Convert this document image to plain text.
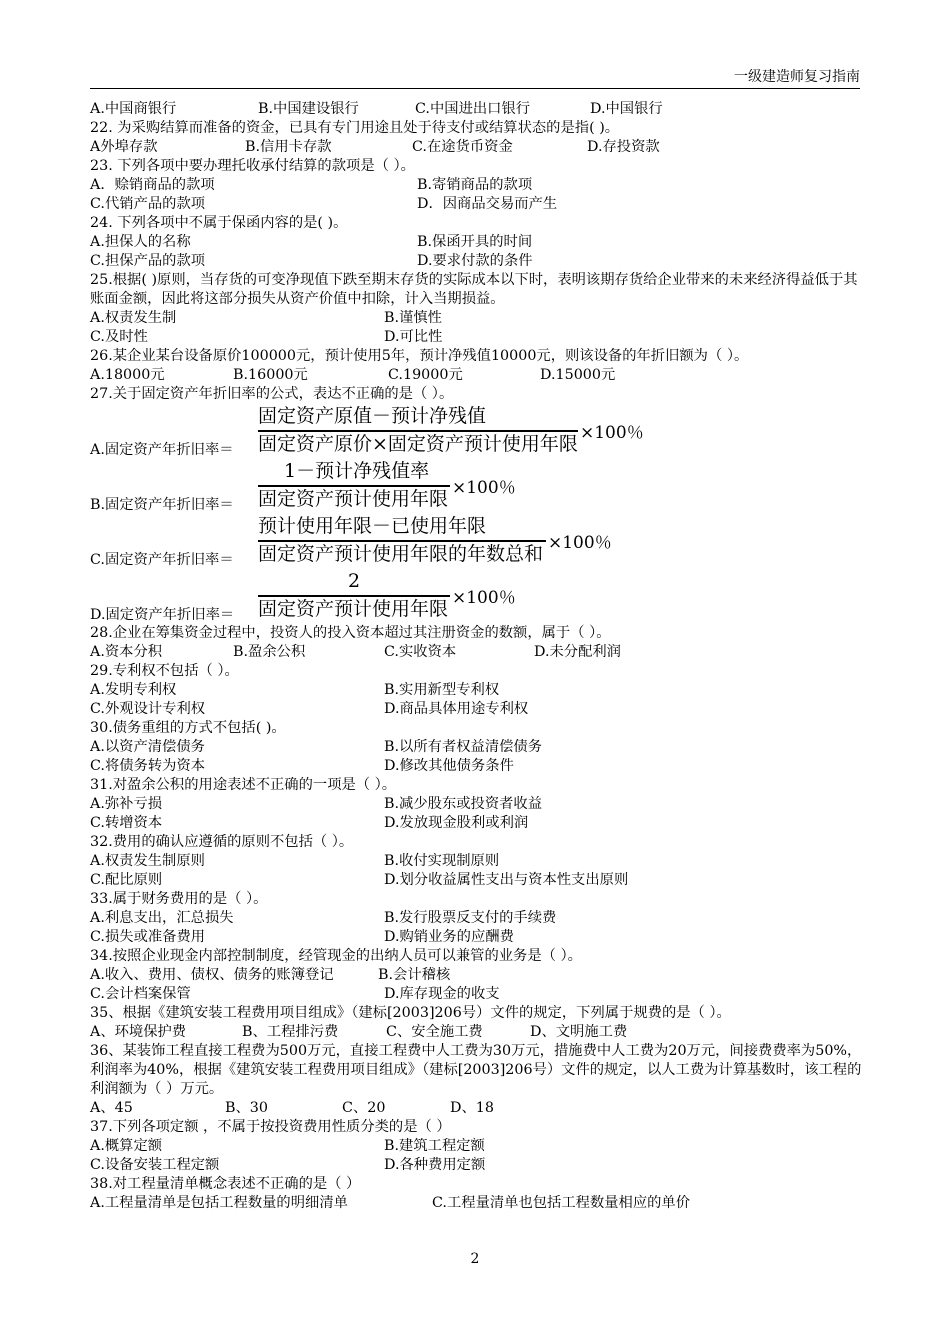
一级建造师复习指南
A.中国商银行	B.中国建设银行	C.中国进出口银行	D.中国银行
22. 为采购结算而准备的资金，已具有专门用途且处于待支付或结算状态的是指( )。
A外埠存款	B.信用卡存款	C.在途货币资金	D.存投资款
23. 下列各项中要办理托收承付结算的款项是（ ）。
A．赊销商品的款项	B.寄销商品的款项
C.代销产品的款项	D．因商品交易而产生
24. 下列各项中不属于保函内容的是( )。
A.担保人的名称	B.保函开具的时间
C.担保产品的款项	D.要求付款的条件
25.根据( )原则，当存货的可变净现值下跌至期末存货的实际成本以下时，表明该期存货给企业带来的未来经济得益低于其账面金额，因此将这部分损失从资产价值中扣除，计入当期损益。
A.权责发生制	B.谨慎性
C.及时性	D.可比性
26.某企业某台设备原价100000元，预计使用5年，预计净残值10000元，则该设备的年折旧额为（ ）。
A.18000元	B.16000元	C.19000元	D.15000元
27.关于固定资产年折旧率的公式，表达不正确的是（ ）。
A.固定资产年折旧率＝
固定资产原值－预计净残值
固定资产原价×固定资产预计使用年限 ×100％
B.固定资产年折旧率＝
1－预计净残值率
固定资产预计使用年限 ×100％
C.固定资产年折旧率＝
预计使用年限－已使用年限
固定资产预计使用年限的年数总和 ×100％
D.固定资产年折旧率＝
2
固定资产预计使用年限 ×100％
28.企业在筹集资金过程中，投资人的投入资本超过其注册资金的数额，属于（ ）。
A.资本分积	B.盈余公积	C.实收资本	D.未分配利润
29.专利权不包括（ ）。
A.发明专利权	B.实用新型专利权
C.外观设计专利权	D.商品具体用途专利权
30.债务重组的方式不包括( )。
A.以资产清偿债务	B.以所有者权益清偿债务
C.将债务转为资本	D.修改其他债务条件
31.对盈余公积的用途表述不正确的一项是（ ）。
A.弥补亏损	B.减少股东或投资者收益
C.转增资本	D.发放现金股利或利润
32.费用的确认应遵循的原则不包括（ ）。
A.权责发生制原则	B.收付实现制原则
C.配比原则	D.划分收益属性支出与资本性支出原则
33.属于财务费用的是（ ）。
A.利息支出，汇总损失	B.发行股票反支付的手续费
C.损失或准备费用	D.购销业务的应酬费
34.按照企业现金内部控制制度，经管现金的出纳人员可以兼管的业务是（ ）。
A.收入、费用、债权、债务的账簿登记	B.会计稽核
C.会计档案保管	D.库存现金的收支
35、根据《建筑安装工程费用项目组成》（建标[2003]206号）文件的规定，下列属于规费的是（ ）。
A、环境保护费	B、工程排污费	C、安全施工费	D、文明施工费
36、某装饰工程直接工程费为500万元，直接工程费中人工费为30万元，措施费中人工费为20万元，间接费费率为50%，利润率为40%，根据《建筑安装工程费用项目组成》（建标[2003]206号）文件的规定，以人工费为计算基数时，该工程的利润额为（ ）万元。
A、45	B、30	C、20	D、18
37.下列各项定额 ，不属于按投资费用性质分类的是（ ）
A.概算定额	B.建筑工程定额
C.设备安装工程定额	D.各种费用定额
38.对工程量清单概念表述不正确的是（ ）
A.工程量清单是包括工程数量的明细清单	C.工程量清单也包括工程数量相应的单价
2
